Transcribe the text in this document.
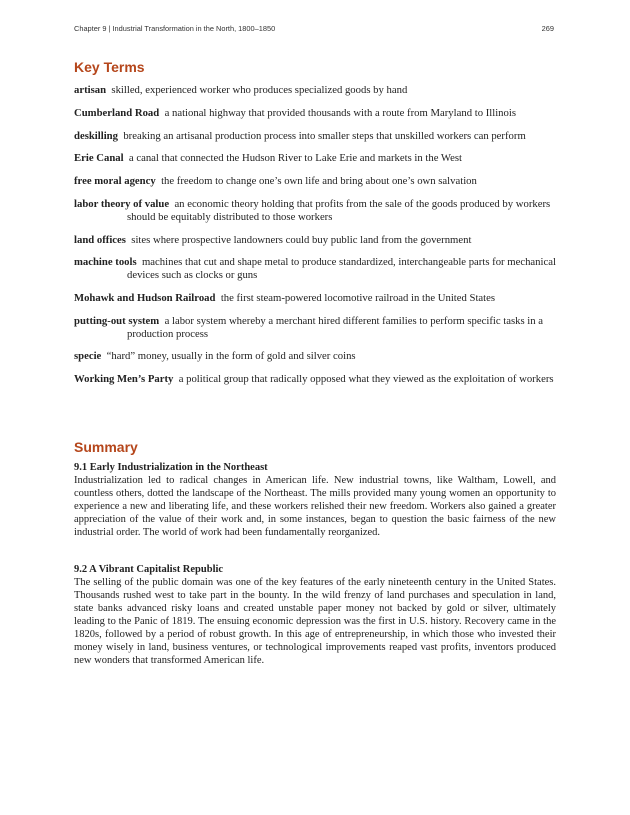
Chapter 9 | Industrial Transformation in the North, 1800–1850	269
Key Terms
artisan skilled, experienced worker who produces specialized goods by hand
Cumberland Road a national highway that provided thousands with a route from Maryland to Illinois
deskilling breaking an artisanal production process into smaller steps that unskilled workers can perform
Erie Canal a canal that connected the Hudson River to Lake Erie and markets in the West
free moral agency the freedom to change one’s own life and bring about one’s own salvation
labor theory of value an economic theory holding that profits from the sale of the goods produced by workers should be equitably distributed to those workers
land offices sites where prospective landowners could buy public land from the government
machine tools machines that cut and shape metal to produce standardized, interchangeable parts for mechanical devices such as clocks or guns
Mohawk and Hudson Railroad the first steam-powered locomotive railroad in the United States
putting-out system a labor system whereby a merchant hired different families to perform specific tasks in a production process
specie “hard” money, usually in the form of gold and silver coins
Working Men’s Party a political group that radically opposed what they viewed as the exploitation of workers
Summary
9.1 Early Industrialization in the Northeast

Industrialization led to radical changes in American life. New industrial towns, like Waltham, Lowell, and countless others, dotted the landscape of the Northeast. The mills provided many young women an opportunity to experience a new and liberating life, and these workers relished their new freedom. Workers also gained a greater appreciation of the value of their work and, in some instances, began to question the basic fairness of the new industrial order. The world of work had been fundamentally reorganized.

9.2 A Vibrant Capitalist Republic

The selling of the public domain was one of the key features of the early nineteenth century in the United States. Thousands rushed west to take part in the bounty. In the wild frenzy of land purchases and speculation in land, state banks advanced risky loans and created unstable paper money not backed by gold or silver, ultimately leading to the Panic of 1819. The ensuing economic depression was the first in U.S. history. Recovery came in the 1820s, followed by a period of robust growth. In this age of entrepreneurship, in which those who invested their money wisely in land, business ventures, or technological improvements reaped vast profits, inventors produced new wonders that transformed American life.
